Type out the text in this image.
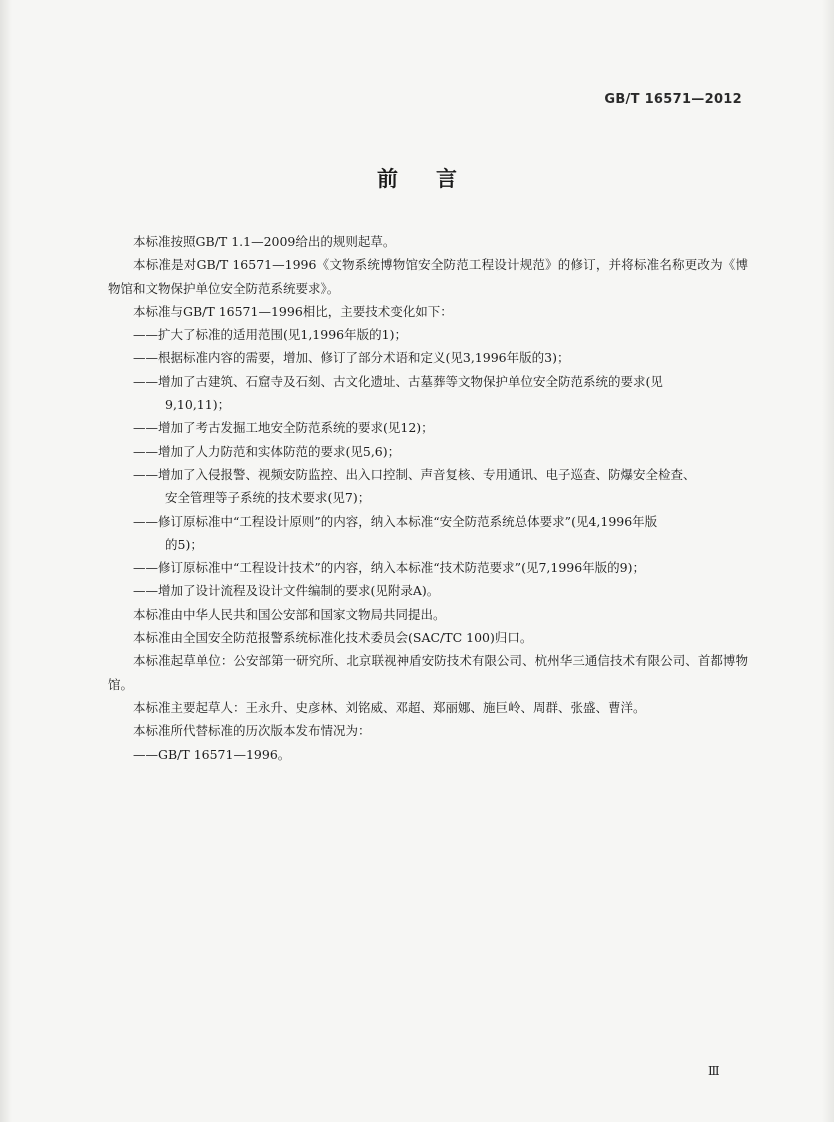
GB/T 16571—2012
前言

本标准按照GB/T 1.1—2009给出的规则起草。

本标准是对GB/T 16571—1996《文物系统博物馆安全防范工程设计规范》的修订，并将标准名称更改为《博物馆和文物保护单位安全防范系统要求》。

本标准与GB/T 16571—1996相比，主要技术变化如下：

——扩大了标准的适用范围(见1,1996年版的1)；

——根据标准内容的需要，增加、修订了部分术语和定义(见3,1996年版的3)；

——增加了古建筑、石窟寺及石刻、古文化遗址、古墓葬等文物保护单位安全防范系统的要求(见
9,10,11)；

——增加了考古发掘工地安全防范系统的要求(见12)；

——增加了人力防范和实体防范的要求(见5,6)；

——增加了入侵报警、视频安防监控、出入口控制、声音复核、专用通讯、电子巡查、防爆安全检查、
安全管理等子系统的技术要求(见7)；

——修订原标准中“工程设计原则”的内容，纳入本标准“安全防范系统总体要求”(见4,1996年版
的5)；

——修订原标准中“工程设计技术”的内容，纳入本标准“技术防范要求”(见7,1996年版的9)；

——增加了设计流程及设计文件编制的要求(见附录A)。

本标准由中华人民共和国公安部和国家文物局共同提出。

本标准由全国安全防范报警系统标准化技术委员会(SAC/TC 100)归口。

本标准起草单位：公安部第一研究所、北京联视神盾安防技术有限公司、杭州华三通信技术有限公司、首都博物馆。

本标准主要起草人：王永升、史彦林、刘铭威、邓超、郑丽娜、施巨岭、周群、张盛、曹洋。

本标准所代替标准的历次版本发布情况为：

——GB/T 16571—1996。

Ⅲ
